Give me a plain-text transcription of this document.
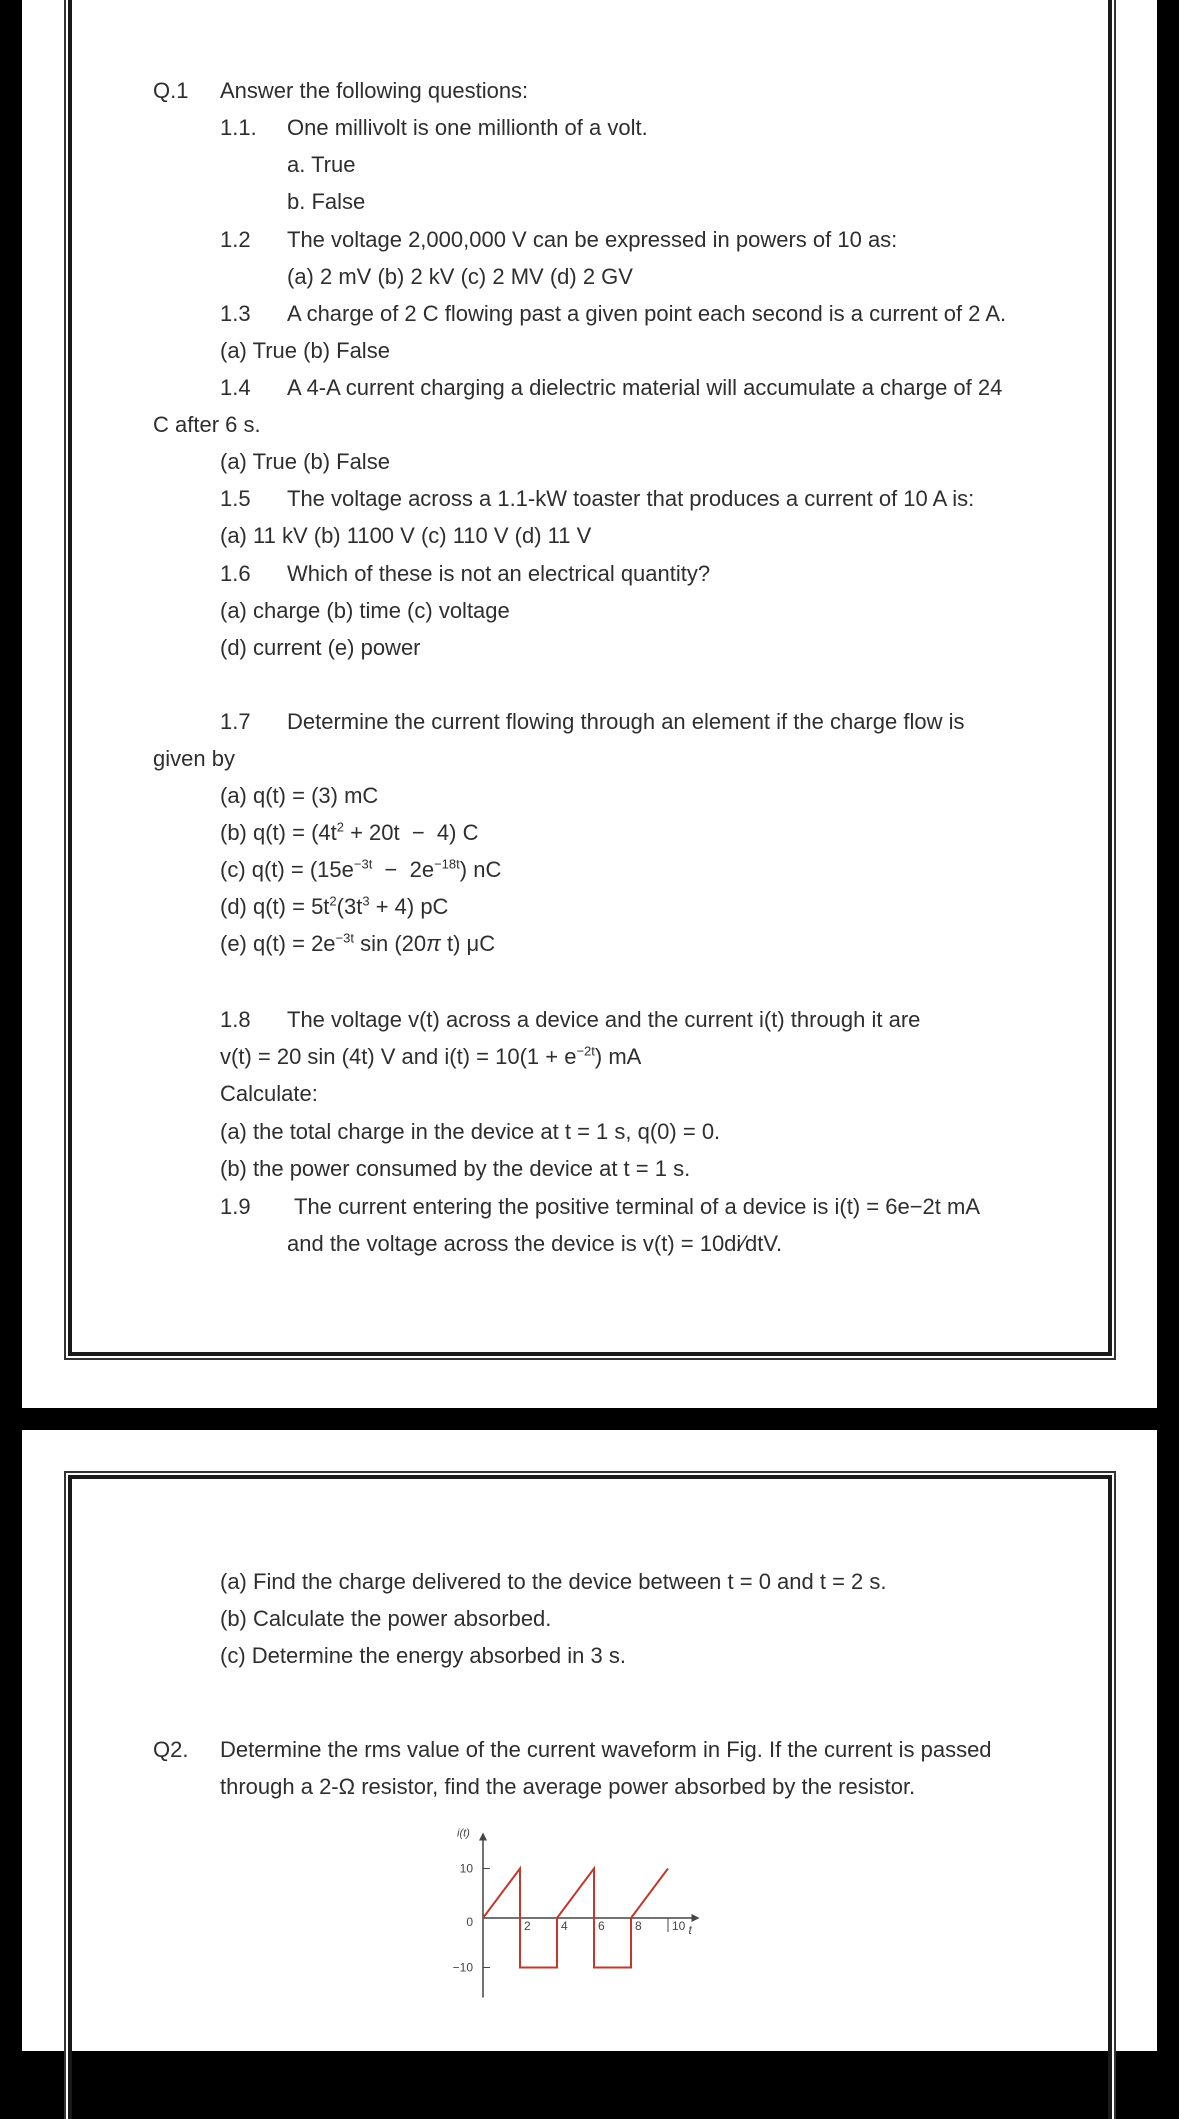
Q.1 Answer the following questions:
1.1. One millivolt is one millionth of a volt.
a. True
b. False
1.2 The voltage 2,000,000 V can be expressed in powers of 10 as:
(a) 2 mV (b) 2 kV (c) 2 MV (d) 2 GV
1.3 A charge of 2 C flowing past a given point each second is a current of 2 A.
(a) True (b) False
1.4 A 4-A current charging a dielectric material will accumulate a charge of 24
C after 6 s.
(a) True (b) False
1.5 The voltage across a 1.1-kW toaster that produces a current of 10 A is:
(a) 11 kV (b) 1100 V (c) 110 V (d) 11 V
1.6 Which of these is not an electrical quantity?
(a) charge (b) time (c) voltage
(d) current (e) power
1.7 Determine the current flowing through an element if the charge flow is
given by
(a) q(t) = (3) mC
(b) $q(t) = (4t^2 + 20t - 4)$ C
(c) $q(t) = (15e^{-3t} - 2e^{-18t})$ nC
(d) $q(t) = 5t^2(3t^3 + 4)$ pC
(e) $q(t) = 2e^{-3t}$ sin (20π t) μC
1.8 The voltage v(t) across a device and the current i(t) through it are
v(t) = 20 sin (4t) V and $i(t) = 10(1 + e^{-2t})$ mA
Calculate:
(a) the total charge in the device at t = 1 s, q(0) = 0.
(b) the power consumed by the device at t = 1 s.
1.9 The current entering the positive terminal of a device is i(t) = 6e−2t mA
and the voltage across the device is v(t) = 10di⁄dtV.
(a) Find the charge delivered to the device between t = 0 and t = 2 s.
(b) Calculate the power absorbed.
(c) Determine the energy absorbed in 3 s.
Q2. Determine the rms value of the current waveform in Fig. If the current is passed
through a 2-Ω resistor, find the average power absorbed by the resistor.
i(t)
t
10
0
−10
2	4	6	8	10
